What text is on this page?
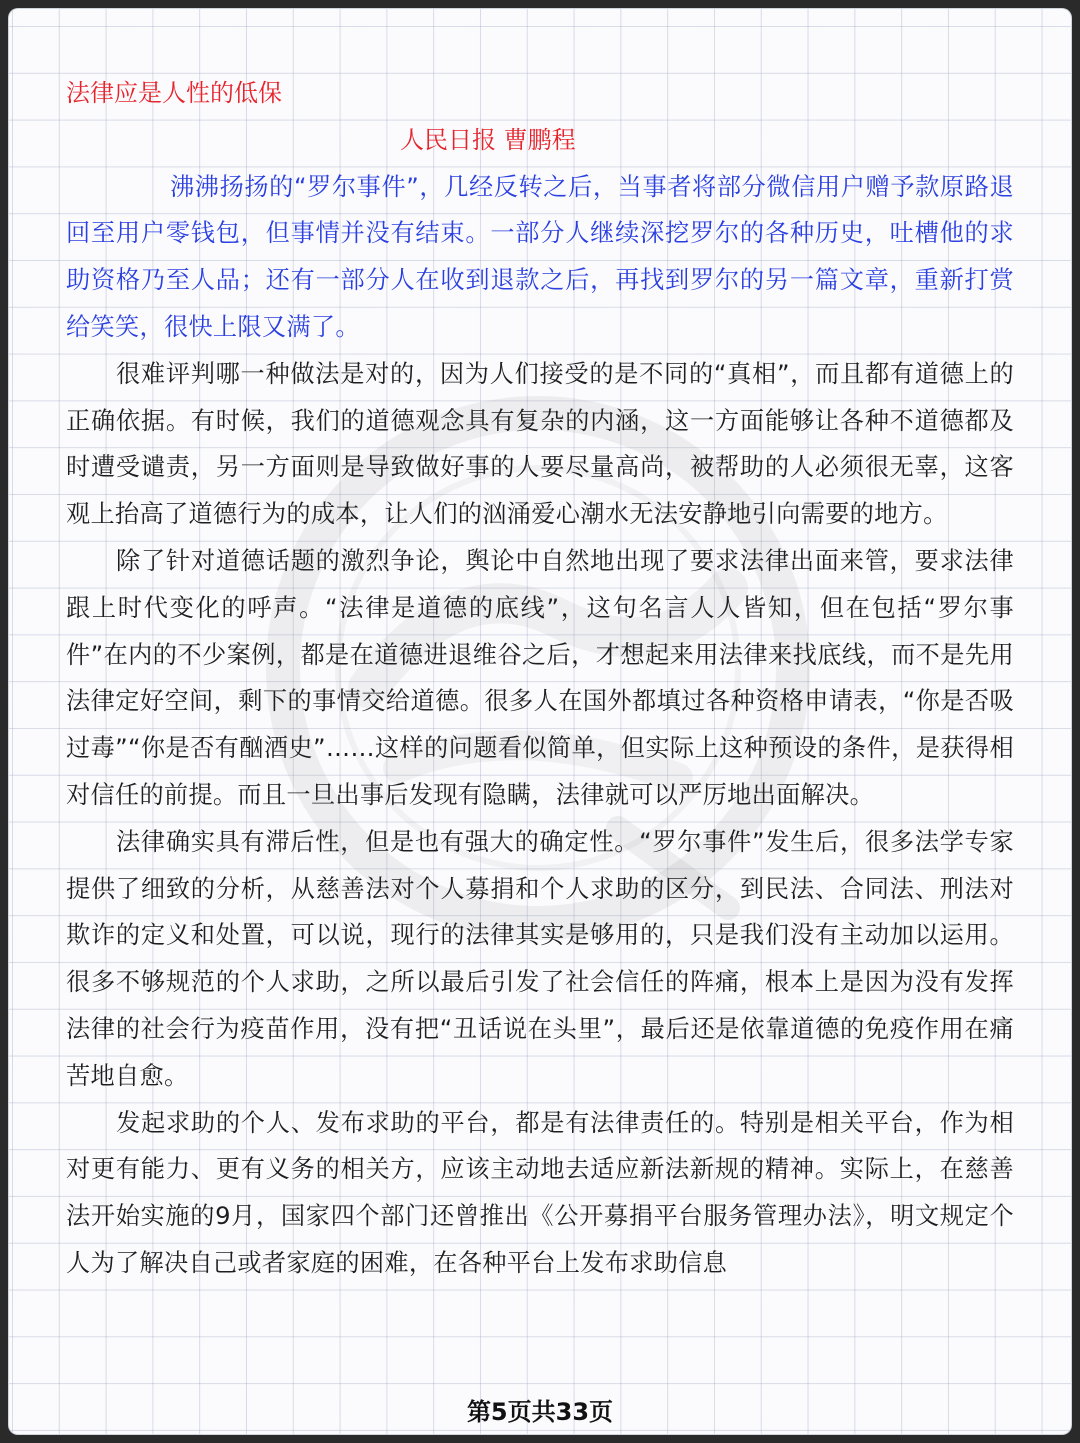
法律应是人性的低保

人民日报 曹鹏程

沸沸扬扬的“罗尔事件”，几经反转之后，当事者将部分微信用户赠予款原路退回至用户零钱包，但事情并没有结束。一部分人继续深挖罗尔的各种历史，吐槽他的求助资格乃至人品；还有一部分人在收到退款之后，再找到罗尔的另一篇文章，重新打赏给笑笑，很快上限又满了。

很难评判哪一种做法是对的，因为人们接受的是不同的“真相”，而且都有道德上的正确依据。有时候，我们的道德观念具有复杂的内涵，这一方面能够让各种不道德都及时遭受谴责，另一方面则是导致做好事的人要尽量高尚，被帮助的人必须很无辜，这客观上抬高了道德行为的成本，让人们的汹涌爱心潮水无法安静地引向需要的地方。

除了针对道德话题的激烈争论，舆论中自然地出现了要求法律出面来管，要求法律跟上时代变化的呼声。“法律是道德的底线”，这句名言人人皆知，但在包括“罗尔事件”在内的不少案例，都是在道德进退维谷之后，才想起来用法律来找底线，而不是先用法律定好空间，剩下的事情交给道德。很多人在国外都填过各种资格申请表，“你是否吸过毒”“你是否有酗酒史”……这样的问题看似简单，但实际上这种预设的条件，是获得相对信任的前提。而且一旦出事后发现有隐瞒，法律就可以严厉地出面解决。

法律确实具有滞后性，但是也有强大的确定性。“罗尔事件”发生后，很多法学专家提供了细致的分析，从慈善法对个人募捐和个人求助的区分，到民法、合同法、刑法对欺诈的定义和处置，可以说，现行的法律其实是够用的，只是我们没有主动加以运用。很多不够规范的个人求助，之所以最后引发了社会信任的阵痛，根本上是因为没有发挥法律的社会行为疫苗作用，没有把“丑话说在头里”，最后还是依靠道德的免疫作用在痛苦地自愈。

发起求助的个人、发布求助的平台，都是有法律责任的。特别是相关平台，作为相对更有能力、更有义务的相关方，应该主动地去适应新法新规的精神。实际上，在慈善法开始实施的9月，国家四个部门还曾推出《公开募捐平台服务管理办法》，明文规定个人为了解决自己或者家庭的困难，在各种平台上发布求助信息

第5页共33页
